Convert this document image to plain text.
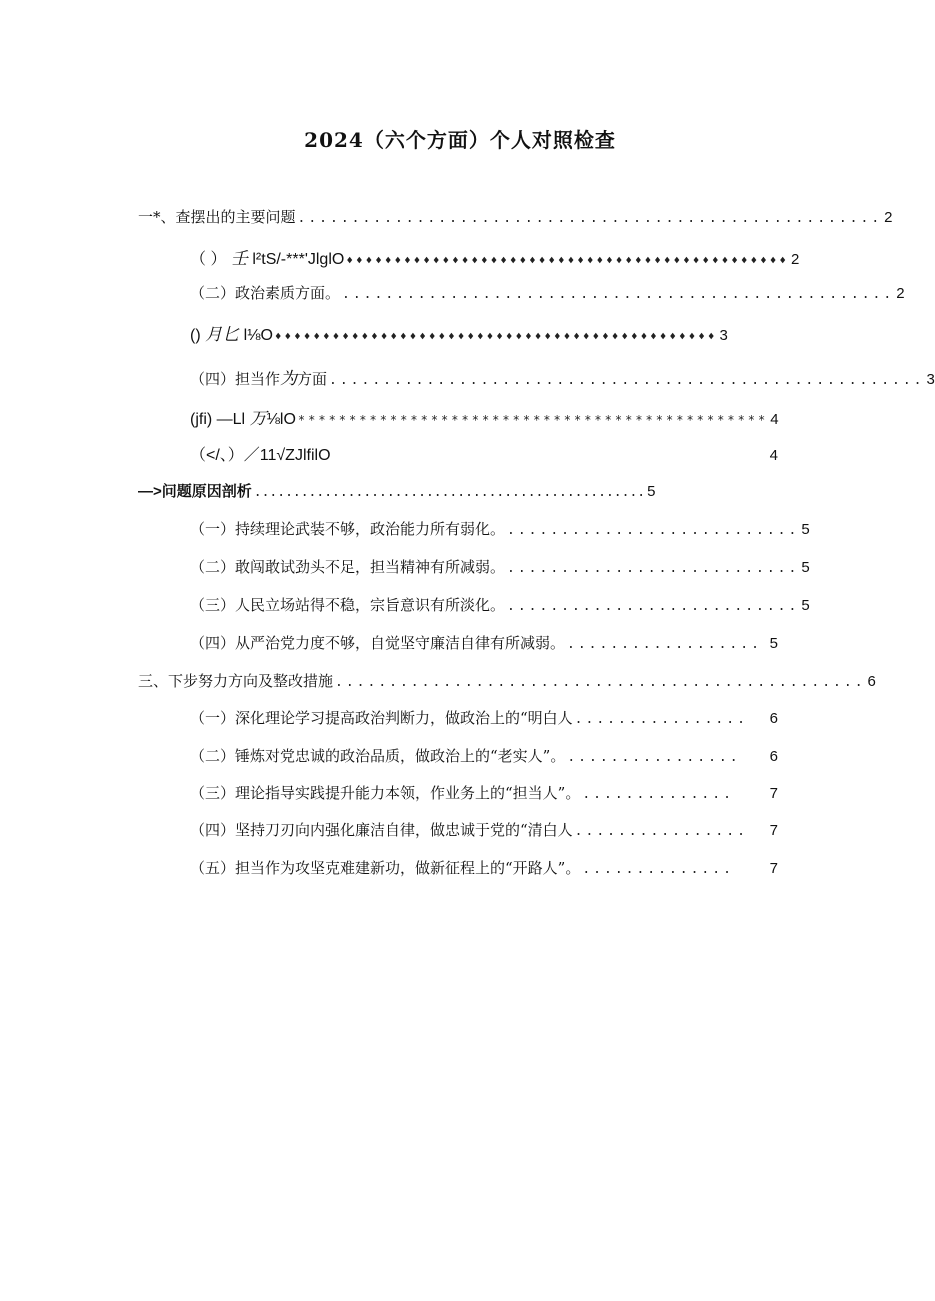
2024（六个方面）个人对照检查
一*、查摆出的主要问题 ...................................................... 2
（ ） 壬 l²tS/-***'JlglO ♦♦♦♦♦♦♦♦♦♦♦♦♦♦♦♦♦♦♦♦♦♦♦♦♦♦♦♦♦♦♦♦♦♦♦♦♦♦♦♦♦♦♦♦♦♦ 2
（二）政治素质方面。 ................................................... 2
() 月匕 l⅛O ♦♦♦♦♦♦♦♦♦♦♦♦♦♦♦♦♦♦♦♦♦♦♦♦♦♦♦♦♦♦♦♦♦♦♦♦♦♦♦♦♦♦♦♦♦♦ 3
（四）担当作为方面 ....................................................... 3
(jfi) —Ll 万⅛lO ********************************************** 4
（</、）／11√ZJlfilO	4
—>问题原因剖析 .................................................. 5
（一）持续理论武装不够，政治能力所有弱化。 ........................... 5
（二）敢闯敢试劲头不足，担当精神有所减弱。 ........................... 5
（三）人民立场站得不稳，宗旨意识有所淡化。 ........................... 5
（四）从严治党力度不够，自觉坚守廉洁自律有所减弱。 .................. 5
三、下步努力方向及整改措施 ................................................. 6
（一）深化理论学习提高政治判断力，做政治上的“明白人 ................	6
（二）锤炼对党忠诚的政治品质，做政治上的“老实人”。 ................	6
（三）理论指导实践提升能力本领，作业务上的“担当人”。 ..............	7
（四）坚持刀刃向内强化廉洁自律，做忠诚于党的“清白人 ................	7
（五）担当作为攻坚克难建新功，做新征程上的“开路人”。 ..............	7
